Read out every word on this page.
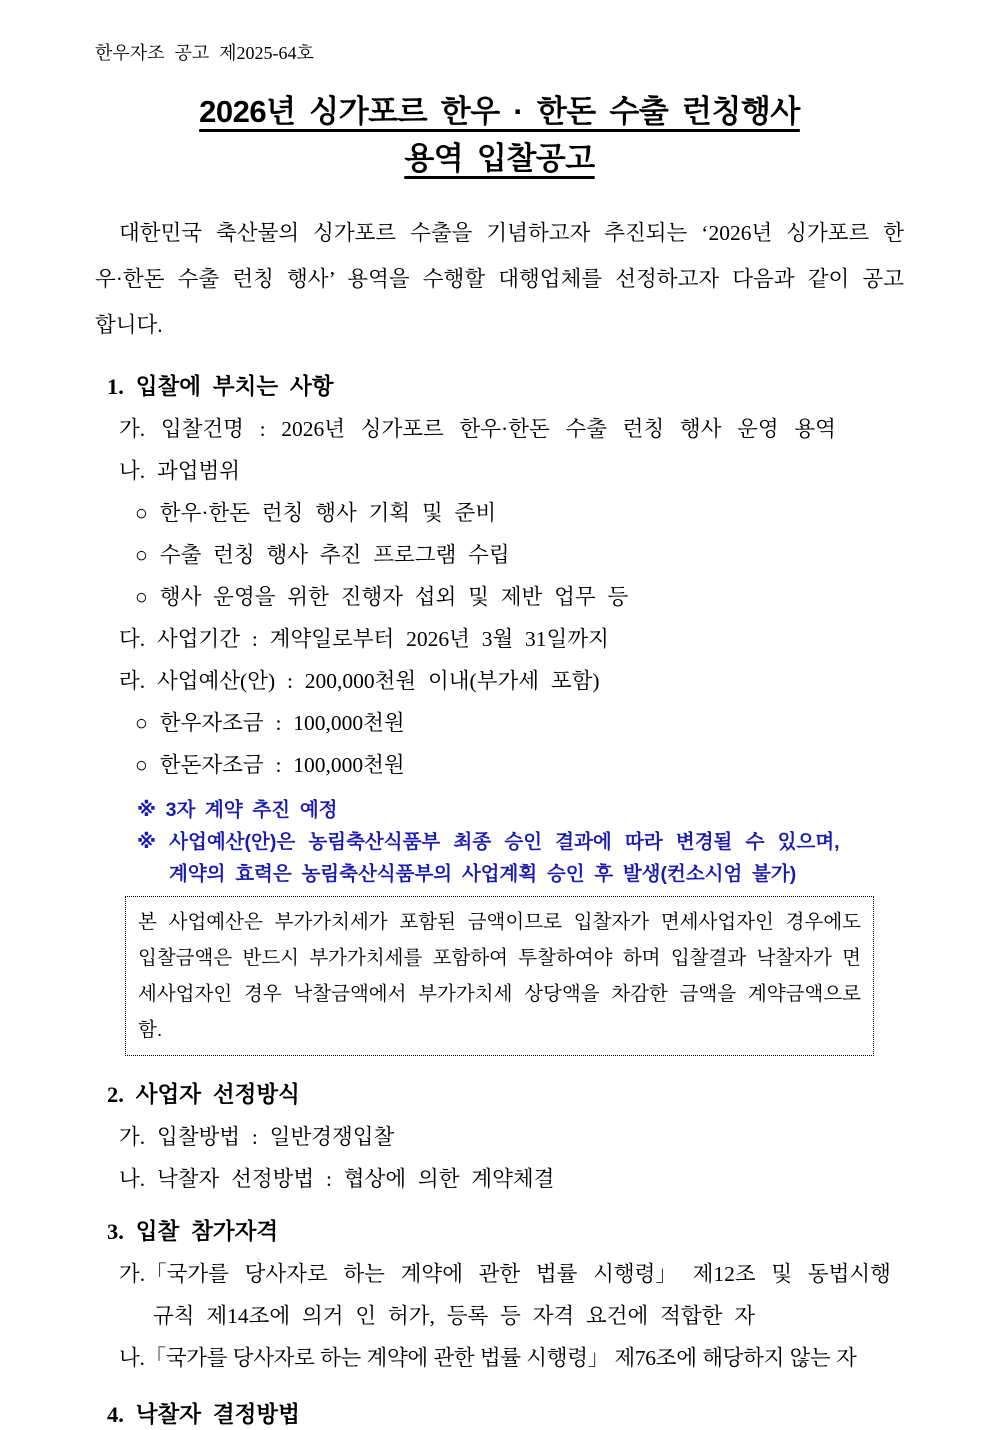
한우자조 공고 제2025-64호
2026년 싱가포르 한우 · 한돈 수출 런칭행사
용역 입찰공고

대한민국 축산물의 싱가포르 수출을 기념하고자 추진되는 ‘2026년 싱가포르 한우·한돈 수출 런칭 행사’ 용역을 수행할 대행업체를 선정하고자 다음과 같이 공고합니다.

1. 입찰에 부치는 사항

가. 입찰건명 : 2026년 싱가포르 한우·한돈 수출 런칭 행사 운영 용역

나. 과업범위

○ 한우·한돈 런칭 행사 기획 및 준비

○ 수출 런칭 행사 추진 프로그램 수립

○ 행사 운영을 위한 진행자 섭외 및 제반 업무 등

다. 사업기간 : 계약일로부터 2026년 3월 31일까지

라. 사업예산(안) : 200,000천원 이내(부가세 포함)

○ 한우자조금 : 100,000천원

○ 한돈자조금 : 100,000천원

※ 3자 계약 추진 예정

※ 사업예산(안)은 농림축산식품부 최종 승인 결과에 따라 변경될 수 있으며,

계약의 효력은 농림축산식품부의 사업계획 승인 후 발생(컨소시엄 불가)

본 사업예산은 부가가치세가 포함된 금액이므로 입찰자가 면세사업자인 경우에도 입찰금액은 반드시 부가가치세를 포함하여 투찰하여야 하며 입찰결과 낙찰자가 면세사업자인 경우 낙찰금액에서 부가가치세 상당액을 차감한 금액을 계약금액으로 함.
2. 사업자 선정방식

가. 입찰방법 : 일반경쟁입찰

나. 낙찰자 선정방법 : 협상에 의한 계약체결

3. 입찰 참가자격

가.「국가를 당사자로 하는 계약에 관한 법률 시행령」 제12조 및 동법시행

규칙 제14조에 의거 인 허가, 등록 등 자격 요건에 적합한 자

나.「국가를 당사자로 하는 계약에 관한 법률 시행령」 제76조에 해당하지 않는 자

4. 낙찰자 결정방법
